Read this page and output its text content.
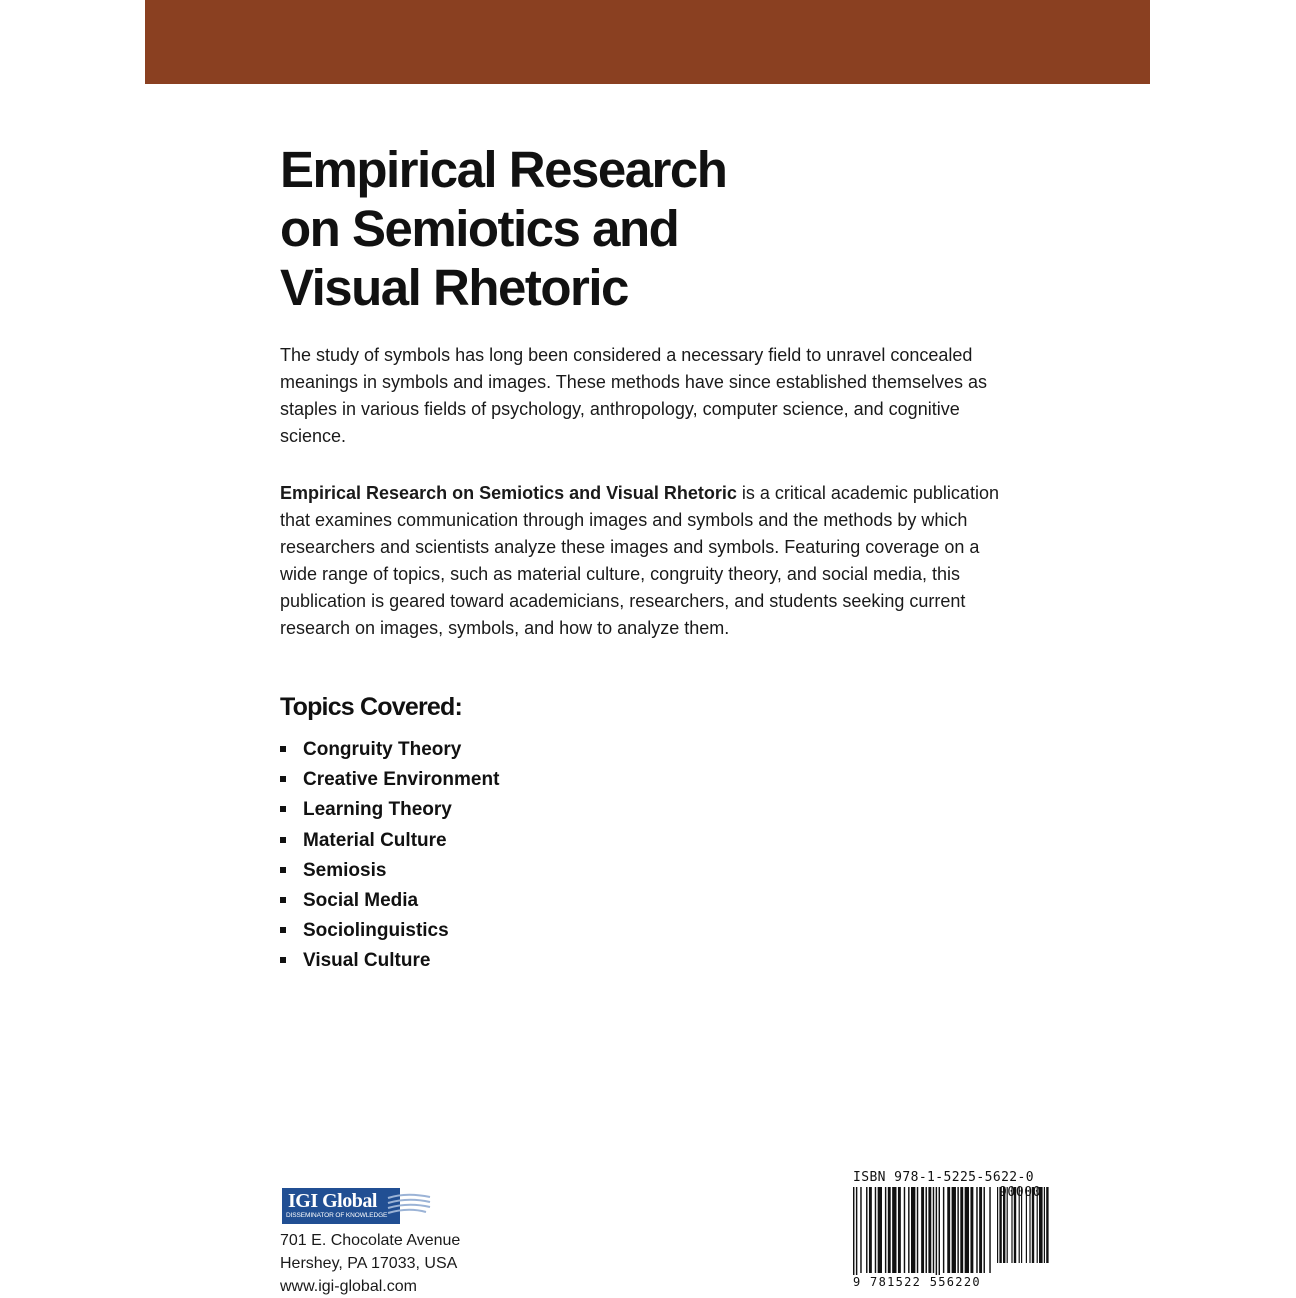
Empirical Research
on Semiotics and
Visual Rhetoric

The study of symbols has long been considered a necessary field to unravel concealed meanings in symbols and images. These methods have since established themselves as staples in various fields of psychology, anthropology, computer science, and cognitive science.

Empirical Research on Semiotics and Visual Rhetoric is a critical academic publication that examines communication through images and symbols and the methods by which researchers and scientists analyze these images and symbols. Featuring coverage on a wide range of topics, such as material culture, congruity theory, and social media, this publication is geared toward academicians, researchers, and students seeking current research on images, symbols, and how to analyze them.

Topics Covered:
Congruity Theory
Creative Environment
Learning Theory
Material Culture
Semiosis
Social Media
Sociolinguistics
Visual Culture
IGI Global
DISSEMINATOR OF KNOWLEDGE
701 E. Chocolate Avenue
Hershey, PA 17033, USA
www.igi-global.com
ISBN 978-1-5225-5622-0
90000
9 781522 556220
